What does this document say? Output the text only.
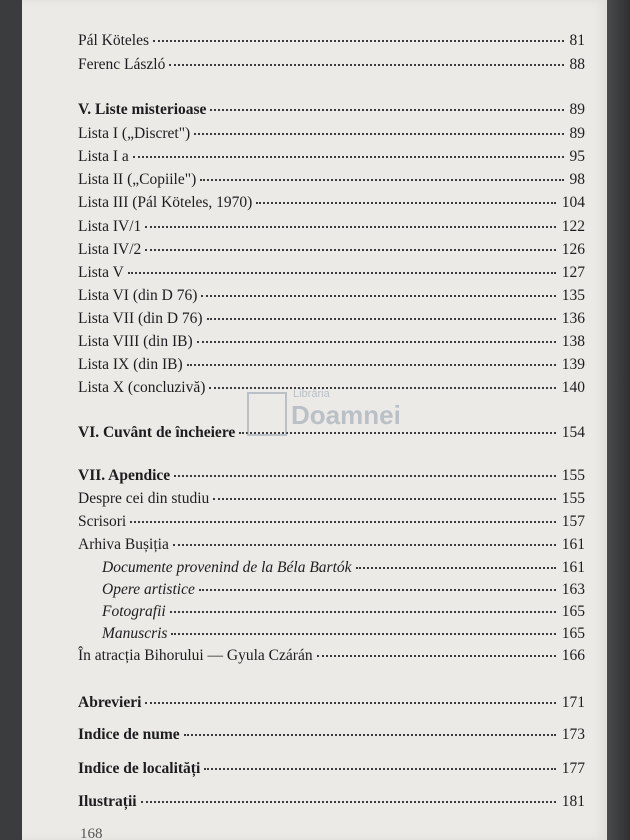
Pál Köteles	81
Ferenc László	88
V. Liste misterioase	89
Lista I („Discret")	89
Lista I a	95
Lista II („Copiile")	98
Lista III (Pál Köteles, 1970)	104
Lista IV/1	122
Lista IV/2	126
Lista V	127
Lista VI (din D 76)	135
Lista VII (din D 76)	136
Lista VIII (din IB)	138
Lista IX (din IB)	139
Lista X (concluzivă)	140
VI. Cuvânt de încheiere	154
VII. Apendice	155
Despre cei din studiu	155
Scrisori	157
Arhiva Bușiția	161
Documente provenind de la Béla Bartók	161
Opere artistice	163
Fotografii	165
Manuscris	165
În atracția Bihorului — Gyula Czárán	166
Abrevieri	171
Indice de nume	173
Indice de localități	177
Ilustrații	181
Librăria
Doamnei
168
